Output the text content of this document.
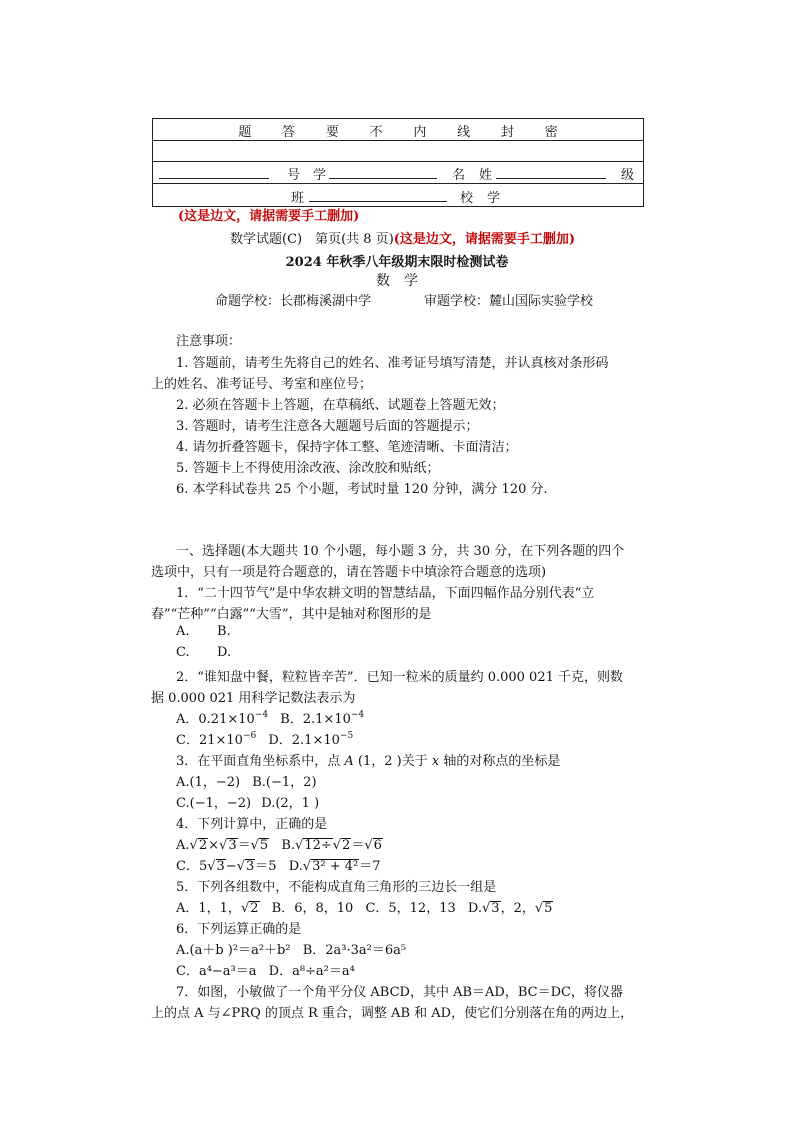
题 答 要 不 内 线 封 密
号 学	名 姓	级
班	校 学
(这是边文，请据需要手工删加)
数学试题(C)　第页(共 8 页)(这是边文，请据需要手工删加)
2024 年秋季八年级期末限时检测试卷
数　学
命题学校：长郡梅溪湖中学	审题学校：麓山国际实验学校
注意事项：
1. 答题前，请考生先将自己的姓名、准考证号填写清楚，并认真核对条形码
上的姓名、准考证号、考室和座位号；
2. 必须在答题卡上答题，在草稿纸、试题卷上答题无效；
3. 答题时，请考生注意各大题题号后面的答题提示；
4. 请勿折叠答题卡，保持字体工整、笔迹清晰、卡面清洁；
5. 答题卡上不得使用涂改液、涂改胶和贴纸；
6. 本学科试卷共 25 个小题，考试时量 120 分钟，满分 120 分.
一、选择题(本大题共 10 个小题，每小题 3 分，共 30 分，在下列各题的四个
选项中，只有一项是符合题意的，请在答题卡中填涂符合题意的选项)
1．“二十四节气”是中华农耕文明的智慧结晶，下面四幅作品分别代表“立
春”“芒种”“白露”“大雪”，其中是轴对称图形的是
A. B.
C. D.
2．“谁知盘中餐，粒粒皆辛苦”．已知一粒米的质量约 0.000 021 千克，则数
据 0.000 021 用科学记数法表示为
A．$0.21\times 10^{-4}$ B．$2.1\times 10^{-4}$
C．$21\times 10^{-6}$ D．$2.1\times 10^{-5}$
3．在平面直角坐标系中，点 A (1，2 )关于 x 轴的对称点的坐标是
A.(1，−2) B.(−1，2)
C.(−1，−2) D.(2，1 )
4．下列计算中，正确的是
A.√2×√3＝√5 B.√12÷√2＝√6
C．5√3−√3＝5 D.√3² + 4²＝7
5．下列各组数中，不能构成直角三角形的三边长一组是
A．1，1，√2 B．6，8，10 C．5，12，13 D.√3，2，√5
6．下列运算正确的是
A.(a＋b )²＝a²＋b² B．2a³·3a²＝6a⁵
C．a⁴−a³＝a D．a⁸÷a²＝a⁴
7．如图，小敏做了一个角平分仪 ABCD，其中 AB＝AD，BC＝DC，将仪器
上的点 A 与∠PRQ 的顶点 R 重合，调整 AB 和 AD，使它们分别落在角的两边上，
